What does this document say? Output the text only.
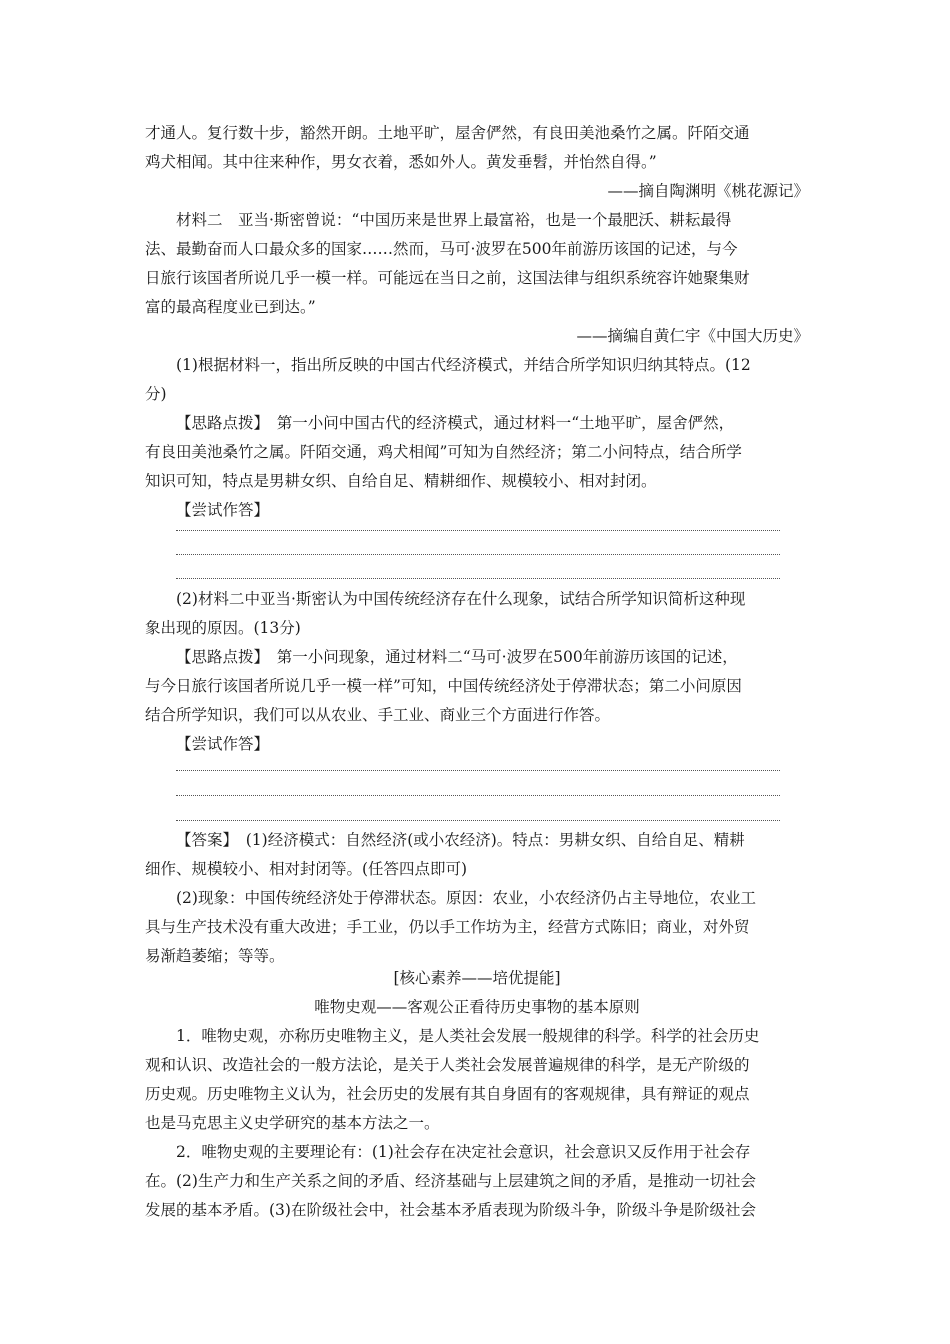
才通人。复行数十步，豁然开朗。土地平旷，屋舍俨然，有良田美池桑竹之属。阡陌交通
鸡犬相闻。其中往来种作，男女衣着，悉如外人。黄发垂髫，并怡然自得。”
——摘自陶渊明《桃花源记》
材料二　亚当·斯密曾说：“中国历来是世界上最富裕，也是一个最肥沃、耕耘最得
法、最勤奋而人口最众多的国家……然而，马可·波罗在500年前游历该国的记述，与今
日旅行该国者所说几乎一模一样。可能远在当日之前，这国法律与组织系统容许她聚集财
富的最高程度业已到达。”
——摘编自黄仁宇《中国大历史》
(1)根据材料一，指出所反映的中国古代经济模式，并结合所学知识归纳其特点。(12
分)
【思路点拨】　第一小问中国古代的经济模式，通过材料一“土地平旷，屋舍俨然，
有良田美池桑竹之属。阡陌交通，鸡犬相闻”可知为自然经济；第二小问特点，结合所学
知识可知，特点是男耕女织、自给自足、精耕细作、规模较小、相对封闭。
【尝试作答】
(2)材料二中亚当·斯密认为中国传统经济存在什么现象，试结合所学知识简析这种现
象出现的原因。(13分)
【思路点拨】　第一小问现象，通过材料二“马可·波罗在500年前游历该国的记述，
与今日旅行该国者所说几乎一模一样”可知，中国传统经济处于停滞状态；第二小问原因
结合所学知识，我们可以从农业、手工业、商业三个方面进行作答。
【尝试作答】
【答案】　(1)经济模式：自然经济(或小农经济)。特点：男耕女织、自给自足、精耕
细作、规模较小、相对封闭等。(任答四点即可)
(2)现象：中国传统经济处于停滞状态。原因：农业，小农经济仍占主导地位，农业工
具与生产技术没有重大改进；手工业，仍以手工作坊为主，经营方式陈旧；商业，对外贸
易渐趋萎缩；等等。
[核心素养——培优提能]
唯物史观——客观公正看待历史事物的基本原则
1．唯物史观，亦称历史唯物主义，是人类社会发展一般规律的科学。科学的社会历史
观和认识、改造社会的一般方法论，是关于人类社会发展普遍规律的科学，是无产阶级的
历史观。历史唯物主义认为，社会历史的发展有其自身固有的客观规律，具有辩证的观点
也是马克思主义史学研究的基本方法之一。
2．唯物史观的主要理论有：(1)社会存在决定社会意识，社会意识又反作用于社会存
在。(2)生产力和生产关系之间的矛盾、经济基础与上层建筑之间的矛盾，是推动一切社会
发展的基本矛盾。(3)在阶级社会中，社会基本矛盾表现为阶级斗争，阶级斗争是阶级社会
